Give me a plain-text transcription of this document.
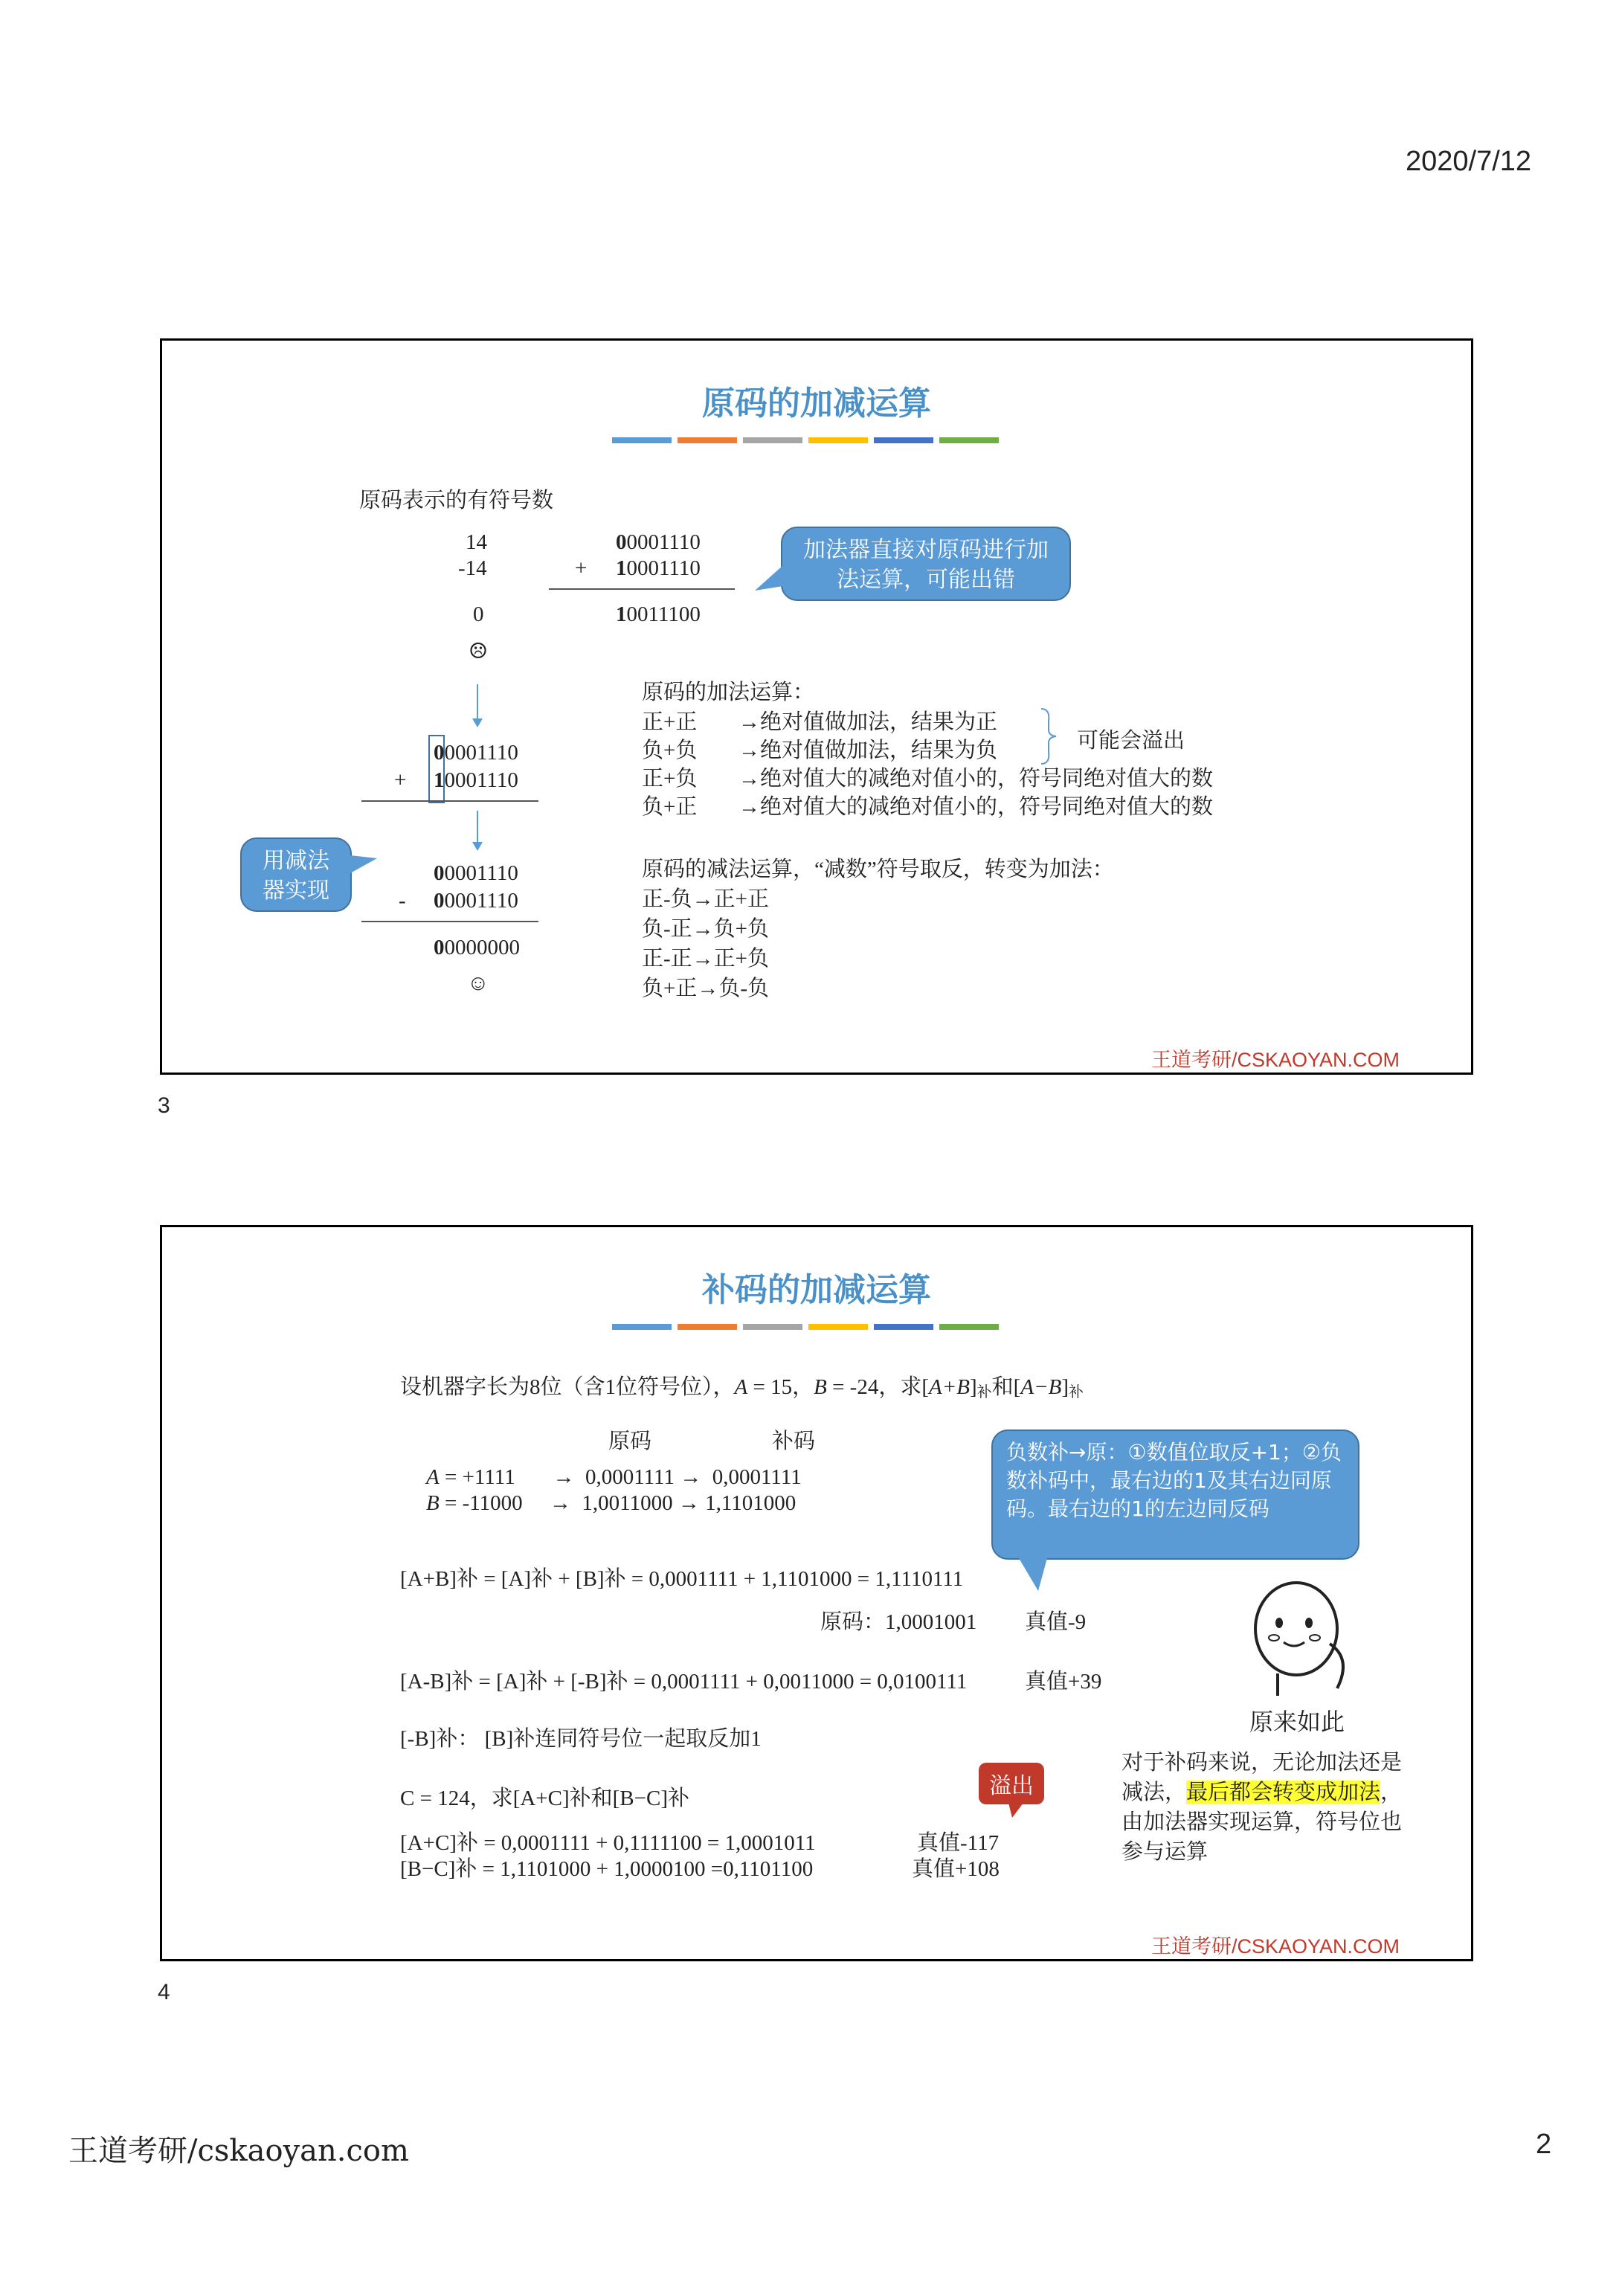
2020/7/12
原码的加减运算
原码表示的有符号数
14
-14
0
☹
00001110
+ 10001110
10011100
加法器直接对原码进行加法运算，可能出错
00001110
+ 10001110
用减法器实现
00001110
- 00001110
00000000
☺
原码的加法运算：
正+正 →绝对值做加法，结果为正
负+负 →绝对值做加法，结果为负
正+负 →绝对值大的减绝对值小的，符号同绝对值大的数
负+正 →绝对值大的减绝对值小的，符号同绝对值大的数
可能会溢出
原码的减法运算，“减数”符号取反，转变为加法：
正-负→正+正
负-正→负+负
正-正→正+负
负+正→负-负
王道考研/CSKAOYAN.COM
3
补码的加减运算
设机器字长为8位（含1位符号位），A = 15，B = -24，求$[A+B]_补$和$[A-B]_补$
原码	补码
A = +1111       →  0,0001111 →  0,0001111
B = -11000     →  1,0011000 → 1,1101000
负数补→原：①数值位取反+1；②负数补码中，最右边的1及其右边同原码。最右边的1的左边同反码
[A+B]补 = [A]补 + [B]补 = 0,0001111 + 1,1101000 = 1,1110111
原码：1,0001001 真值-9
[A-B]补 = [A]补 + [-B]补 = 0,0001111 + 0,0011000 = 0,0100111	真值+39
[-B]补： [B]补连同符号位一起取反加1
C = 124，求[A+C]补和[B−C]补	溢出
[A+C]补 = 0,0001111 + 0,1111100 = 1,0001011	真值-117
[B−C]补 = 1,1101000 + 1,0000100 =0,1101100	真值+108
原来如此
对于补码来说，无论加法还是减法，最后都会转变成加法，由加法器实现运算，符号位也参与运算
王道考研/CSKAOYAN.COM
4
王道考研/cskaoyan.com	2
